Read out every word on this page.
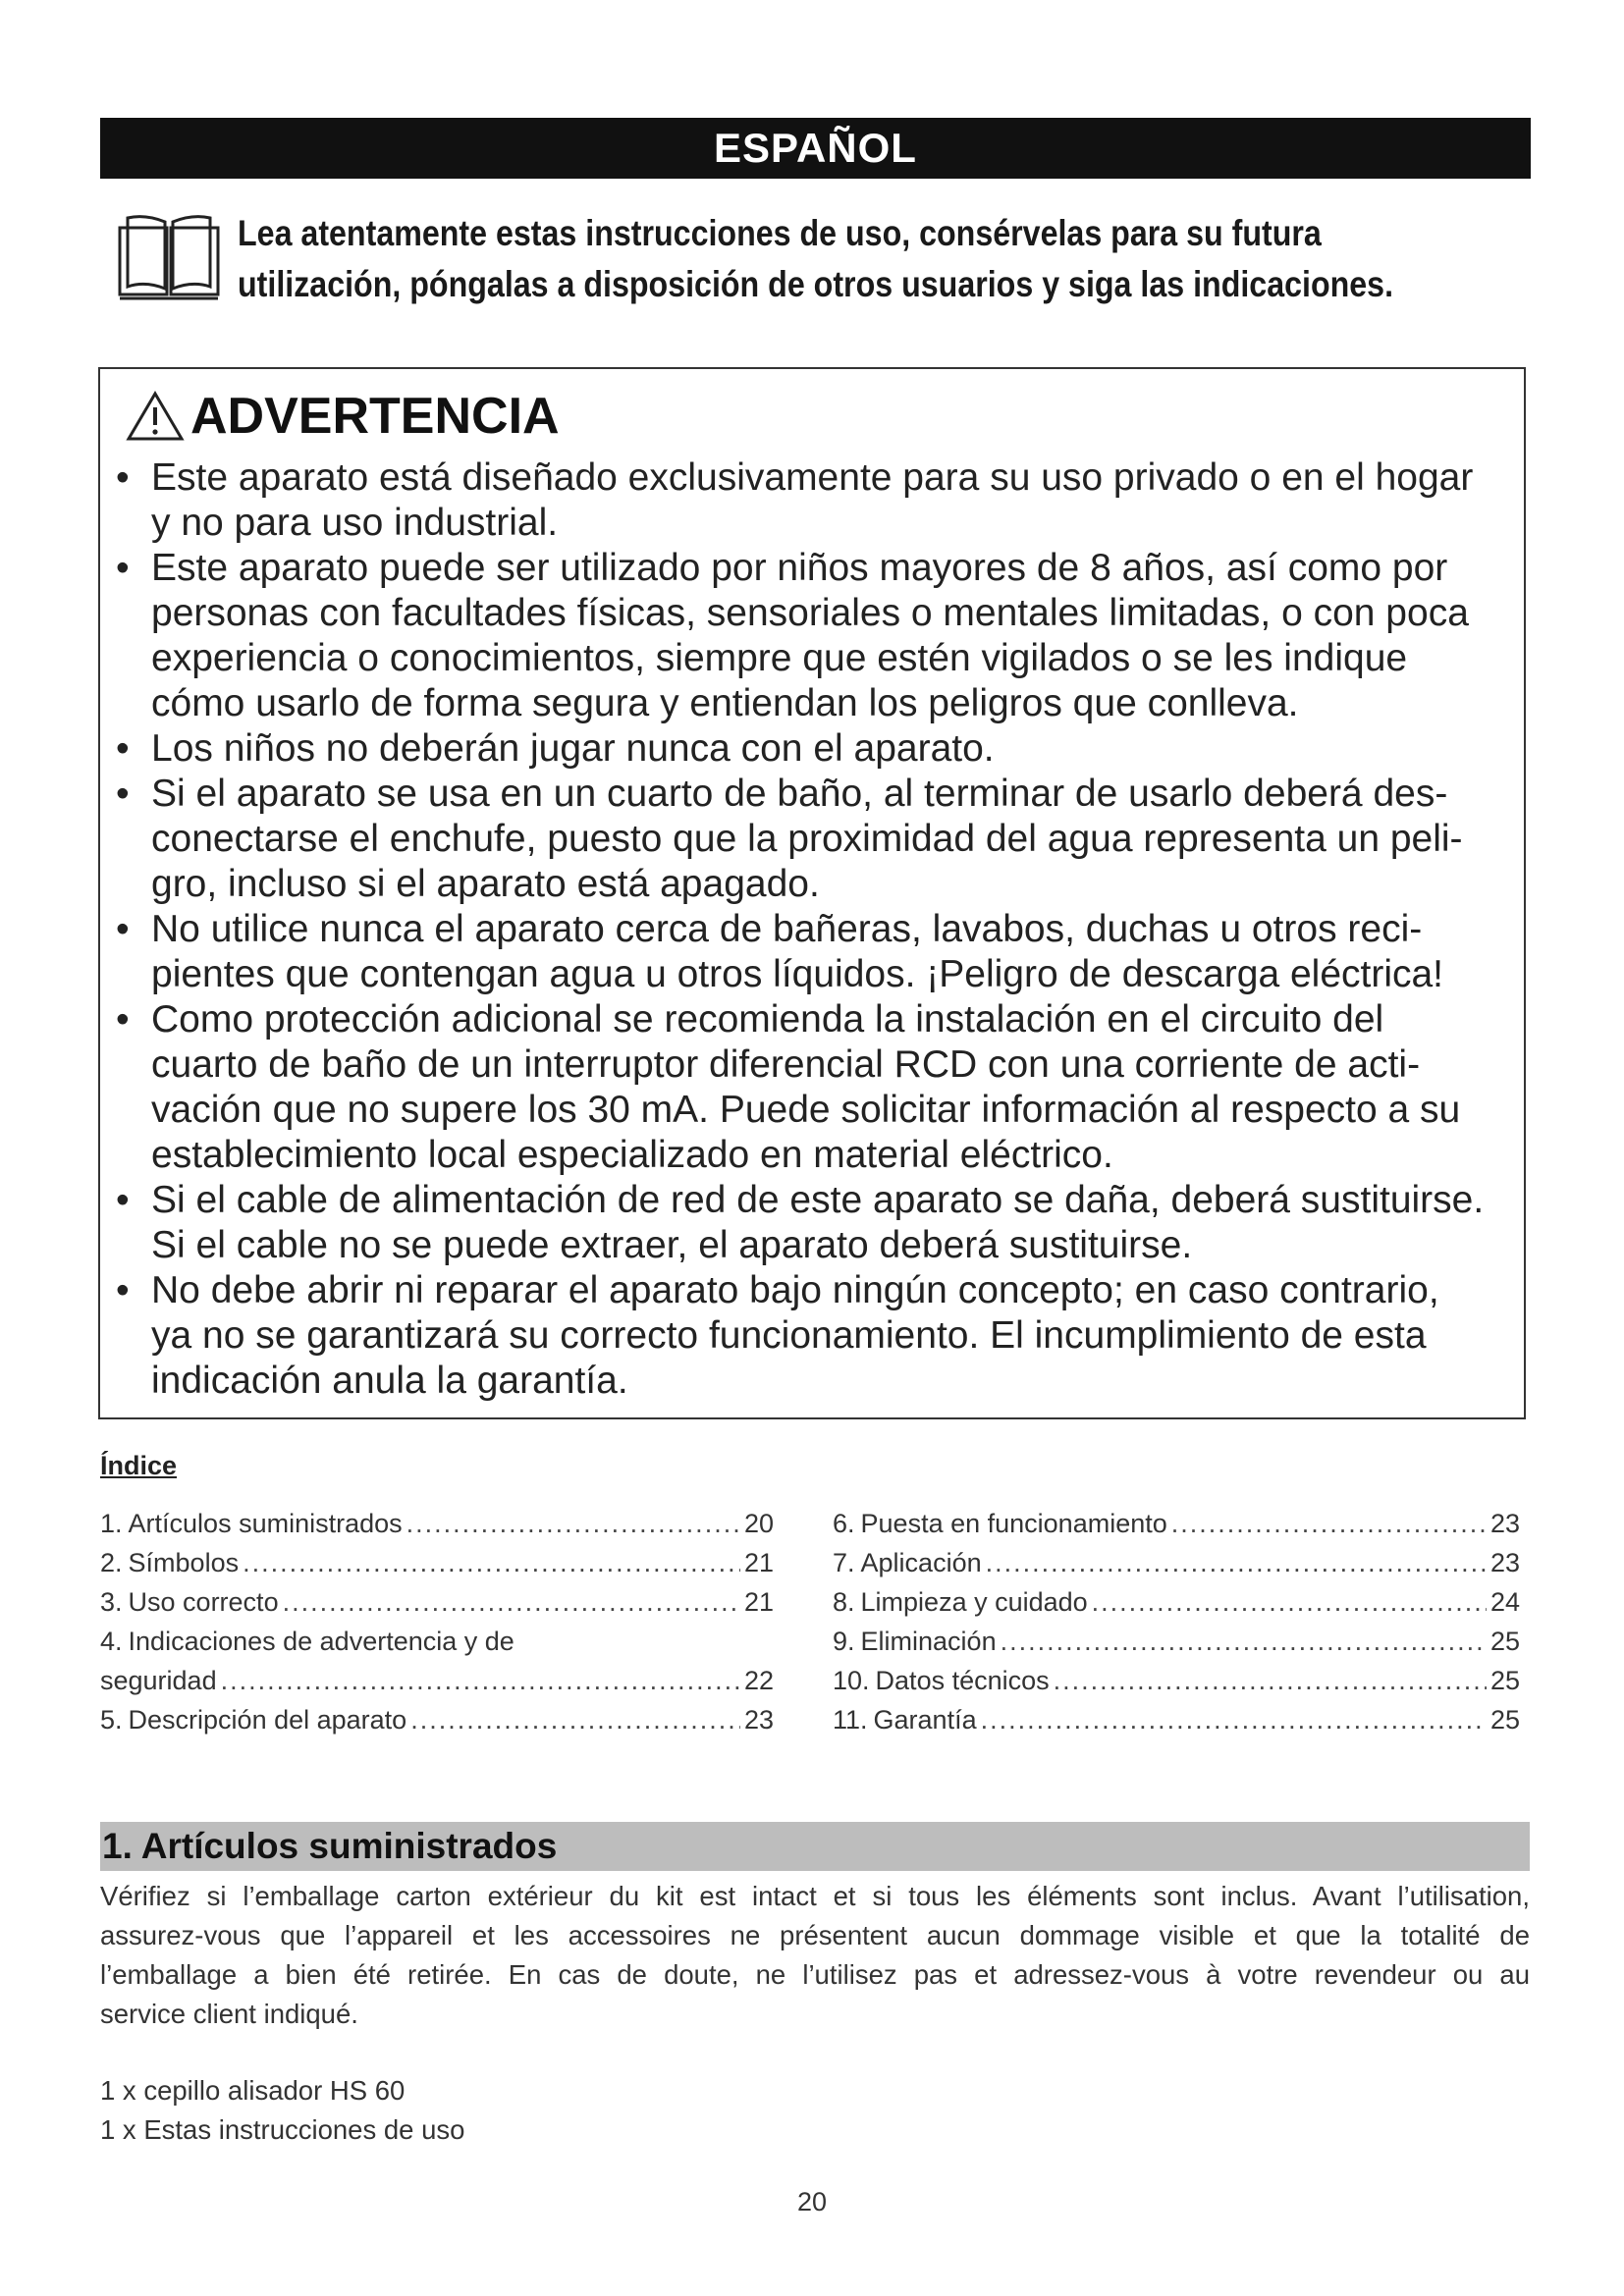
ESPAÑOL
Lea atentamente estas instrucciones de uso, consérvelas para su futura
utilización, póngalas a disposición de otros usuarios y siga las indicaciones.
ADVERTENCIA
• Este aparato está diseñado exclusivamente para su uso privado o en el hogar
y no para uso industrial.
• Este aparato puede ser utilizado por niños mayores de 8 años, así como por
personas con facultades físicas, sensoriales o mentales limitadas, o con poca
experiencia o conocimientos, siempre que estén vigilados o se les indique
cómo usarlo de forma segura y entiendan los peligros que conlleva.
• Los niños no deberán jugar nunca con el aparato.
• Si el aparato se usa en un cuarto de baño, al terminar de usarlo deberá des-
conectarse el enchufe, puesto que la proximidad del agua representa un peli-
gro, incluso si el aparato está apagado.
• No utilice nunca el aparato cerca de bañeras, lavabos, duchas u otros reci-
pientes que contengan agua u otros líquidos. ¡Peligro de descarga eléctrica!
• Como protección adicional se recomienda la instalación en el circuito del
cuarto de baño de un interruptor diferencial RCD con una corriente de acti-
vación que no supere los 30 mA. Puede solicitar información al respecto a su
establecimiento local especializado en material eléctrico.
• Si el cable de alimentación de red de este aparato se daña, deberá sustituirse.
Si el cable no se puede extraer, el aparato deberá sustituirse.
• No debe abrir ni reparar el aparato bajo ningún concepto; en caso contrario,
ya no se garantizará su correcto funcionamiento. El incumplimiento de esta
indicación anula la garantía.
Índice
1. Artículos suministrados .....	20
2. Símbolos .....	21
3. Uso correcto .....	21
4. Indicaciones de advertencia y de
seguridad .....	22
5. Descripción del aparato .....	23
6. Puesta en funcionamiento .....	23
7. Aplicación .....	23
8. Limpieza y cuidado .....	24
9. Eliminación .....	25
10. Datos técnicos .....	25
11. Garantía .....	25
1. Artículos suministrados
Vérifiez si l’emballage carton extérieur du kit est intact et si tous les éléments sont inclus. Avant l’utilisation,
assurez-vous que l’appareil et les accessoires ne présentent aucun dommage visible et que la totalité de
l’emballage a bien été retirée. En cas de doute, ne l’utilisez pas et adressez-vous à votre revendeur ou au
service client indiqué.
1 x cepillo alisador HS 60
1 x Estas instrucciones de uso
20
